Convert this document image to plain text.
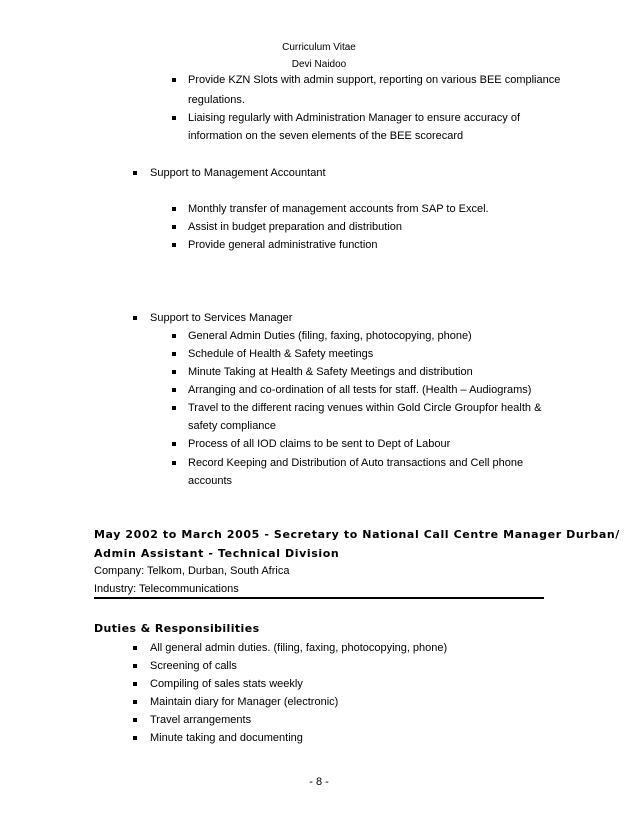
Curriculum Vitae
Devi Naidoo
Provide KZN Slots with admin support, reporting on various BEE compliance
regulations.
Liaising regularly with Administration Manager to ensure accuracy of
information on the seven elements of the BEE scorecard
Support to Management Accountant
Monthly transfer of management accounts from SAP to Excel.
Assist in budget preparation and distribution
Provide general administrative function
Support to Services Manager
General Admin Duties (filing, faxing, photocopying, phone)
Schedule of Health & Safety meetings
Minute Taking at Health & Safety Meetings and distribution
Arranging and co-ordination of all tests for staff. (Health – Audiograms)
Travel to the different racing venues within Gold Circle Groupfor health &
safety compliance
Process of all IOD claims to be sent to Dept of Labour
Record Keeping and Distribution of Auto transactions and Cell phone
accounts
May 2002 to March 2005 - Secretary to National Call Centre Manager Durban/
Admin Assistant - Technical Division
Company: Telkom, Durban, South Africa
Industry: Telecommunications
Duties & Responsibilities
All general admin duties. (filing, faxing, photocopying, phone)
Screening of calls
Compiling of sales stats weekly
Maintain diary for Manager (electronic)
Travel arrangements
Minute taking and documenting
- 8 -
